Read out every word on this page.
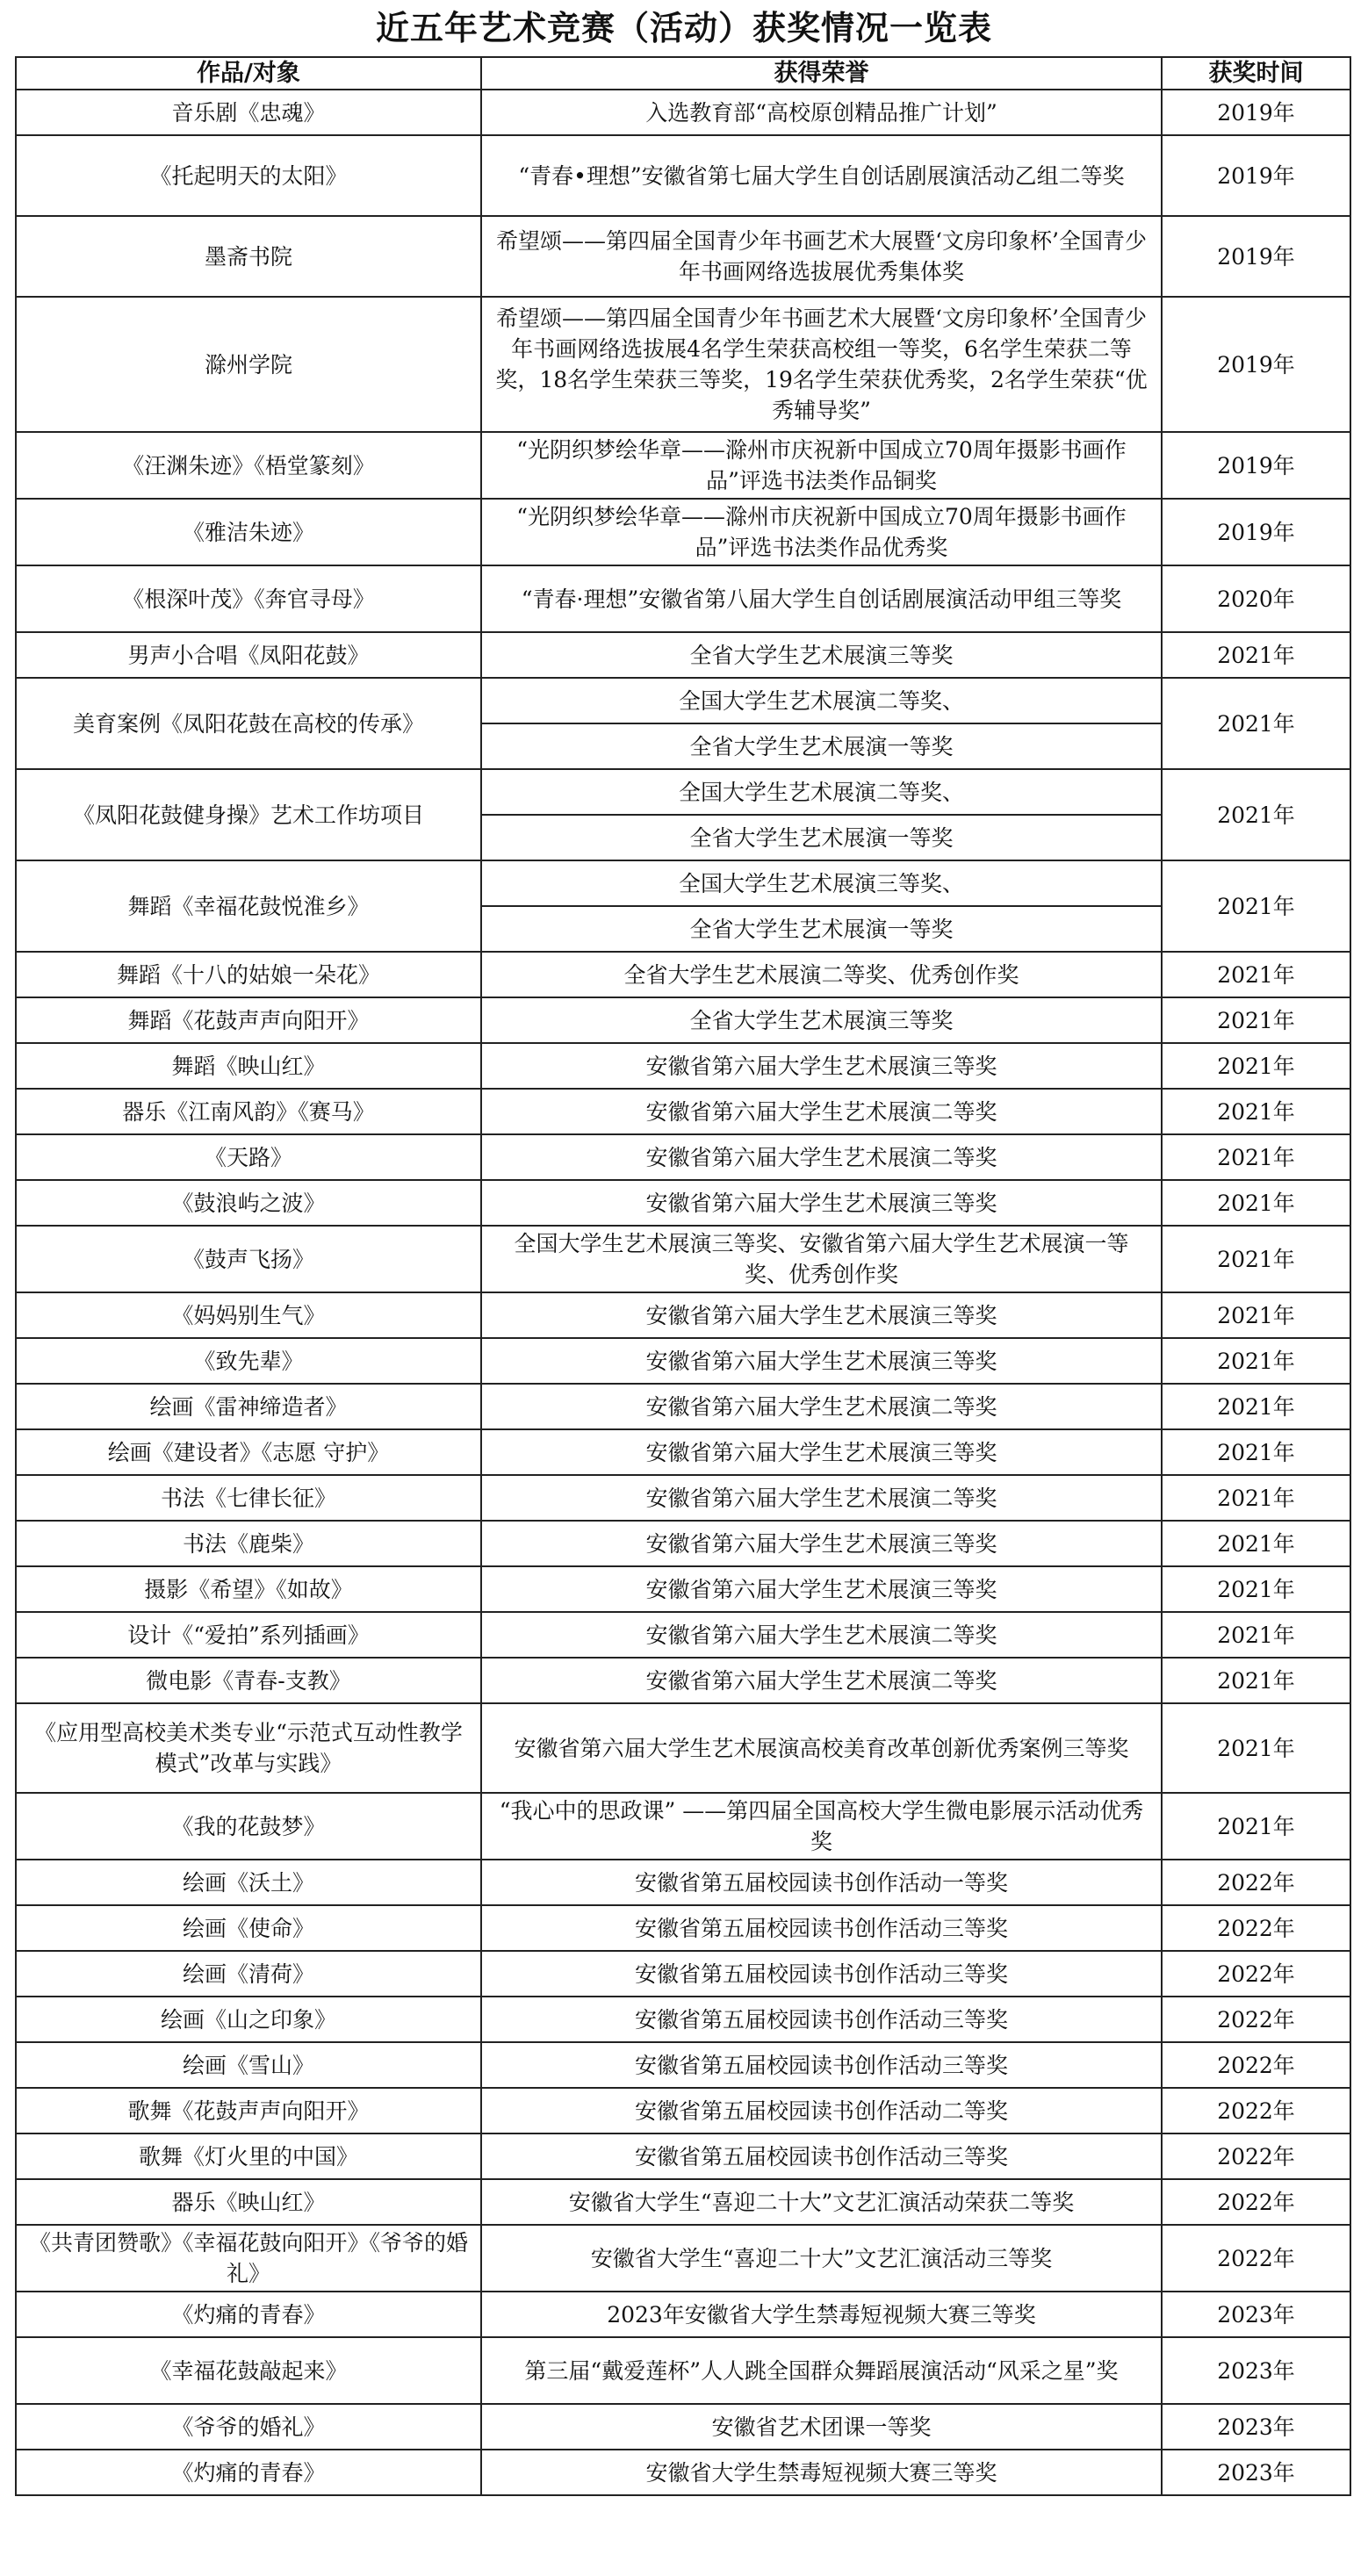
近五年艺术竞赛（活动）获奖情况一览表
作品/对象	获得荣誉	获奖时间
音乐剧《忠魂》	入选教育部“高校原创精品推广计划”	2019年
《托起明天的太阳》	“青春•理想”安徽省第七届大学生自创话剧展演活动乙组二等奖	2019年
墨斋书院	希望颂——第四届全国青少年书画艺术大展暨‘文房印象杯’全国青少年书画网络选拔展优秀集体奖	2019年
滁州学院	希望颂——第四届全国青少年书画艺术大展暨‘文房印象杯’全国青少年书画网络选拔展4名学生荣获高校组一等奖，6名学生荣获二等奖，18名学生荣获三等奖，19名学生荣获优秀奖，2名学生荣获“优秀辅导奖”	2019年
《汪渊朱迹》《梧堂篆刻》	“光阴织梦绘华章——滁州市庆祝新中国成立70周年摄影书画作品”评选书法类作品铜奖	2019年
《雅洁朱迹》	“光阴织梦绘华章——滁州市庆祝新中国成立70周年摄影书画作品”评选书法类作品优秀奖	2019年
《根深叶茂》《奔官寻母》	“青春·理想”安徽省第八届大学生自创话剧展演活动甲组三等奖	2020年
男声小合唱《凤阳花鼓》	全省大学生艺术展演三等奖	2021年
美育案例《凤阳花鼓在高校的传承》	全国大学生艺术展演二等奖、	2021年
	全省大学生艺术展演一等奖	
《凤阳花鼓健身操》艺术工作坊项目	全国大学生艺术展演二等奖、	2021年
	全省大学生艺术展演一等奖	
舞蹈《幸福花鼓悦淮乡》	全国大学生艺术展演三等奖、	2021年
	全省大学生艺术展演一等奖	
舞蹈《十八的姑娘一朵花》	全省大学生艺术展演二等奖、优秀创作奖	2021年
舞蹈《花鼓声声向阳开》	全省大学生艺术展演三等奖	2021年
舞蹈《映山红》	安徽省第六届大学生艺术展演三等奖	2021年
器乐《江南风韵》《赛马》	安徽省第六届大学生艺术展演二等奖	2021年
《天路》	安徽省第六届大学生艺术展演二等奖	2021年
《鼓浪屿之波》	安徽省第六届大学生艺术展演三等奖	2021年
《鼓声飞扬》	全国大学生艺术展演三等奖、安徽省第六届大学生艺术展演一等奖、优秀创作奖	2021年
《妈妈别生气》	安徽省第六届大学生艺术展演三等奖	2021年
《致先辈》	安徽省第六届大学生艺术展演三等奖	2021年
绘画《雷神缔造者》	安徽省第六届大学生艺术展演二等奖	2021年
绘画《建设者》《志愿 守护》	安徽省第六届大学生艺术展演三等奖	2021年
书法《七律长征》	安徽省第六届大学生艺术展演二等奖	2021年
书法《鹿柴》	安徽省第六届大学生艺术展演三等奖	2021年
摄影《希望》《如故》	安徽省第六届大学生艺术展演三等奖	2021年
设计《“爱拍”系列插画》	安徽省第六届大学生艺术展演二等奖	2021年
微电影《青春-支教》	安徽省第六届大学生艺术展演二等奖	2021年
《应用型高校美术类专业“示范式互动性教学模式”改革与实践》	安徽省第六届大学生艺术展演高校美育改革创新优秀案例三等奖	2021年
《我的花鼓梦》	“我心中的思政课” ——第四届全国高校大学生微电影展示活动优秀奖	2021年
绘画《沃土》	安徽省第五届校园读书创作活动一等奖	2022年
绘画《使命》	安徽省第五届校园读书创作活动三等奖	2022年
绘画《清荷》	安徽省第五届校园读书创作活动三等奖	2022年
绘画《山之印象》	安徽省第五届校园读书创作活动三等奖	2022年
绘画《雪山》	安徽省第五届校园读书创作活动三等奖	2022年
歌舞《花鼓声声向阳开》	安徽省第五届校园读书创作活动二等奖	2022年
歌舞《灯火里的中国》	安徽省第五届校园读书创作活动三等奖	2022年
器乐《映山红》	安徽省大学生“喜迎二十大”文艺汇演活动荣获二等奖	2022年
《共青团赞歌》《幸福花鼓向阳开》《爷爷的婚礼》	安徽省大学生“喜迎二十大”文艺汇演活动三等奖	2022年
《灼痛的青春》	2023年安徽省大学生禁毒短视频大赛三等奖	2023年
《幸福花鼓敲起来》	第三届“戴爱莲杯”人人跳全国群众舞蹈展演活动“风采之星”奖	2023年
《爷爷的婚礼》	安徽省艺术团课一等奖	2023年
《灼痛的青春》	安徽省大学生禁毒短视频大赛三等奖	2023年
